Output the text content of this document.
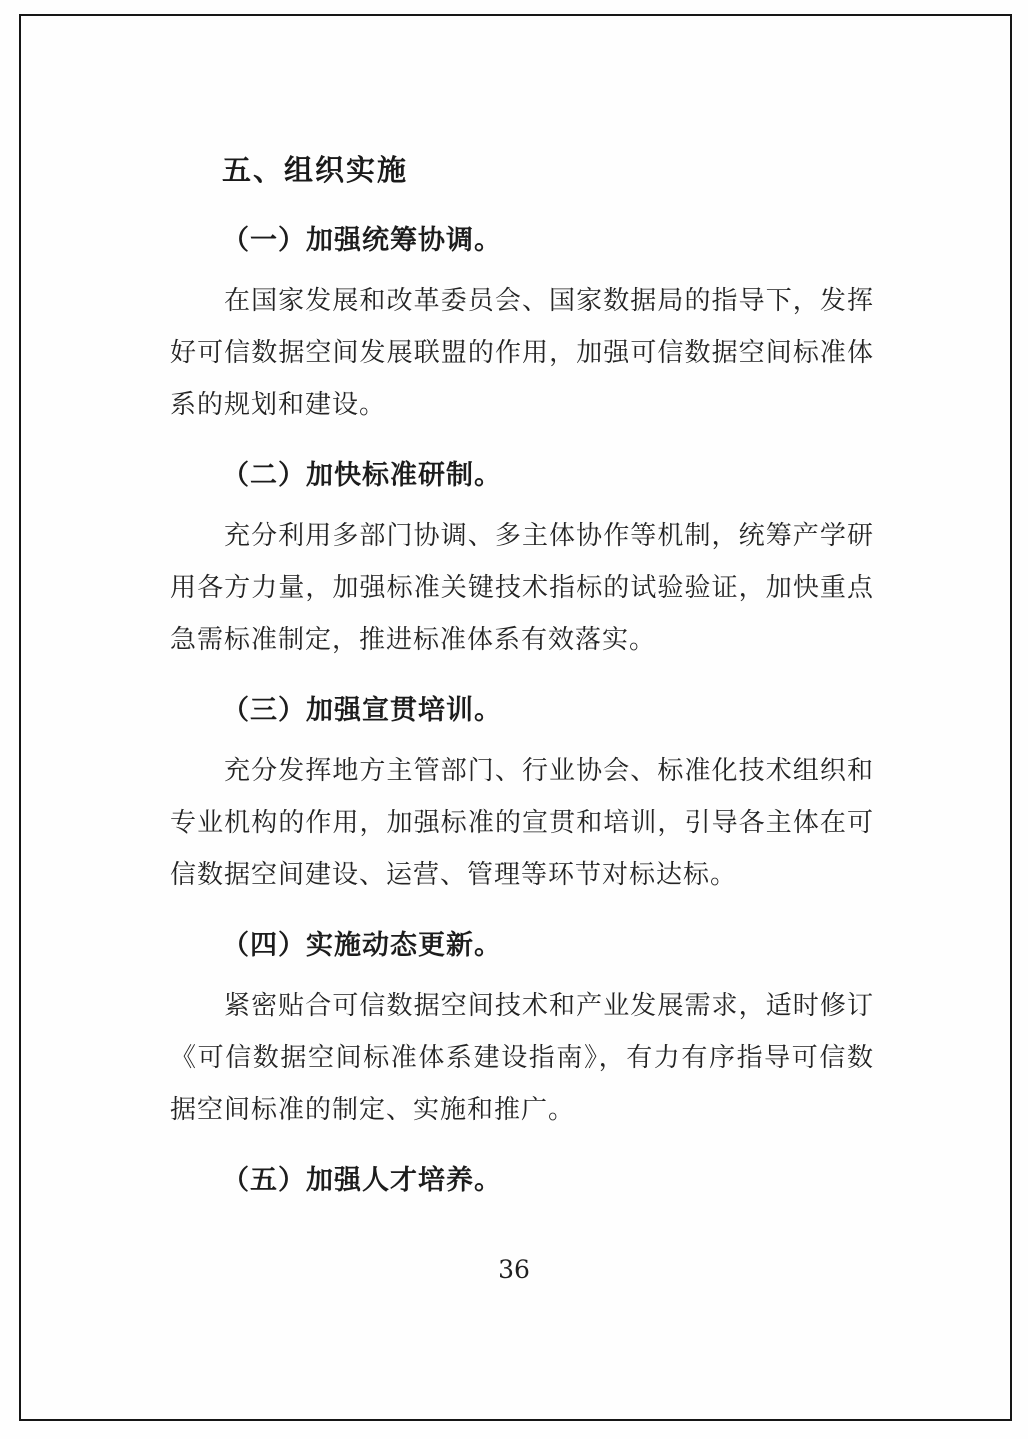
五、组织实施
（一）加强统筹协调。
在国家发展和改革委员会、国家数据局的指导下，发挥好可信数据空间发展联盟的作用，加强可信数据空间标准体系的规划和建设。
（二）加快标准研制。
充分利用多部门协调、多主体协作等机制，统筹产学研用各方力量，加强标准关键技术指标的试验验证，加快重点急需标准制定，推进标准体系有效落实。
（三）加强宣贯培训。
充分发挥地方主管部门、行业协会、标准化技术组织和专业机构的作用，加强标准的宣贯和培训，引导各主体在可信数据空间建设、运营、管理等环节对标达标。
（四）实施动态更新。
紧密贴合可信数据空间技术和产业发展需求，适时修订《可信数据空间标准体系建设指南》，有力有序指导可信数据空间标准的制定、实施和推广。
（五）加强人才培养。
36
